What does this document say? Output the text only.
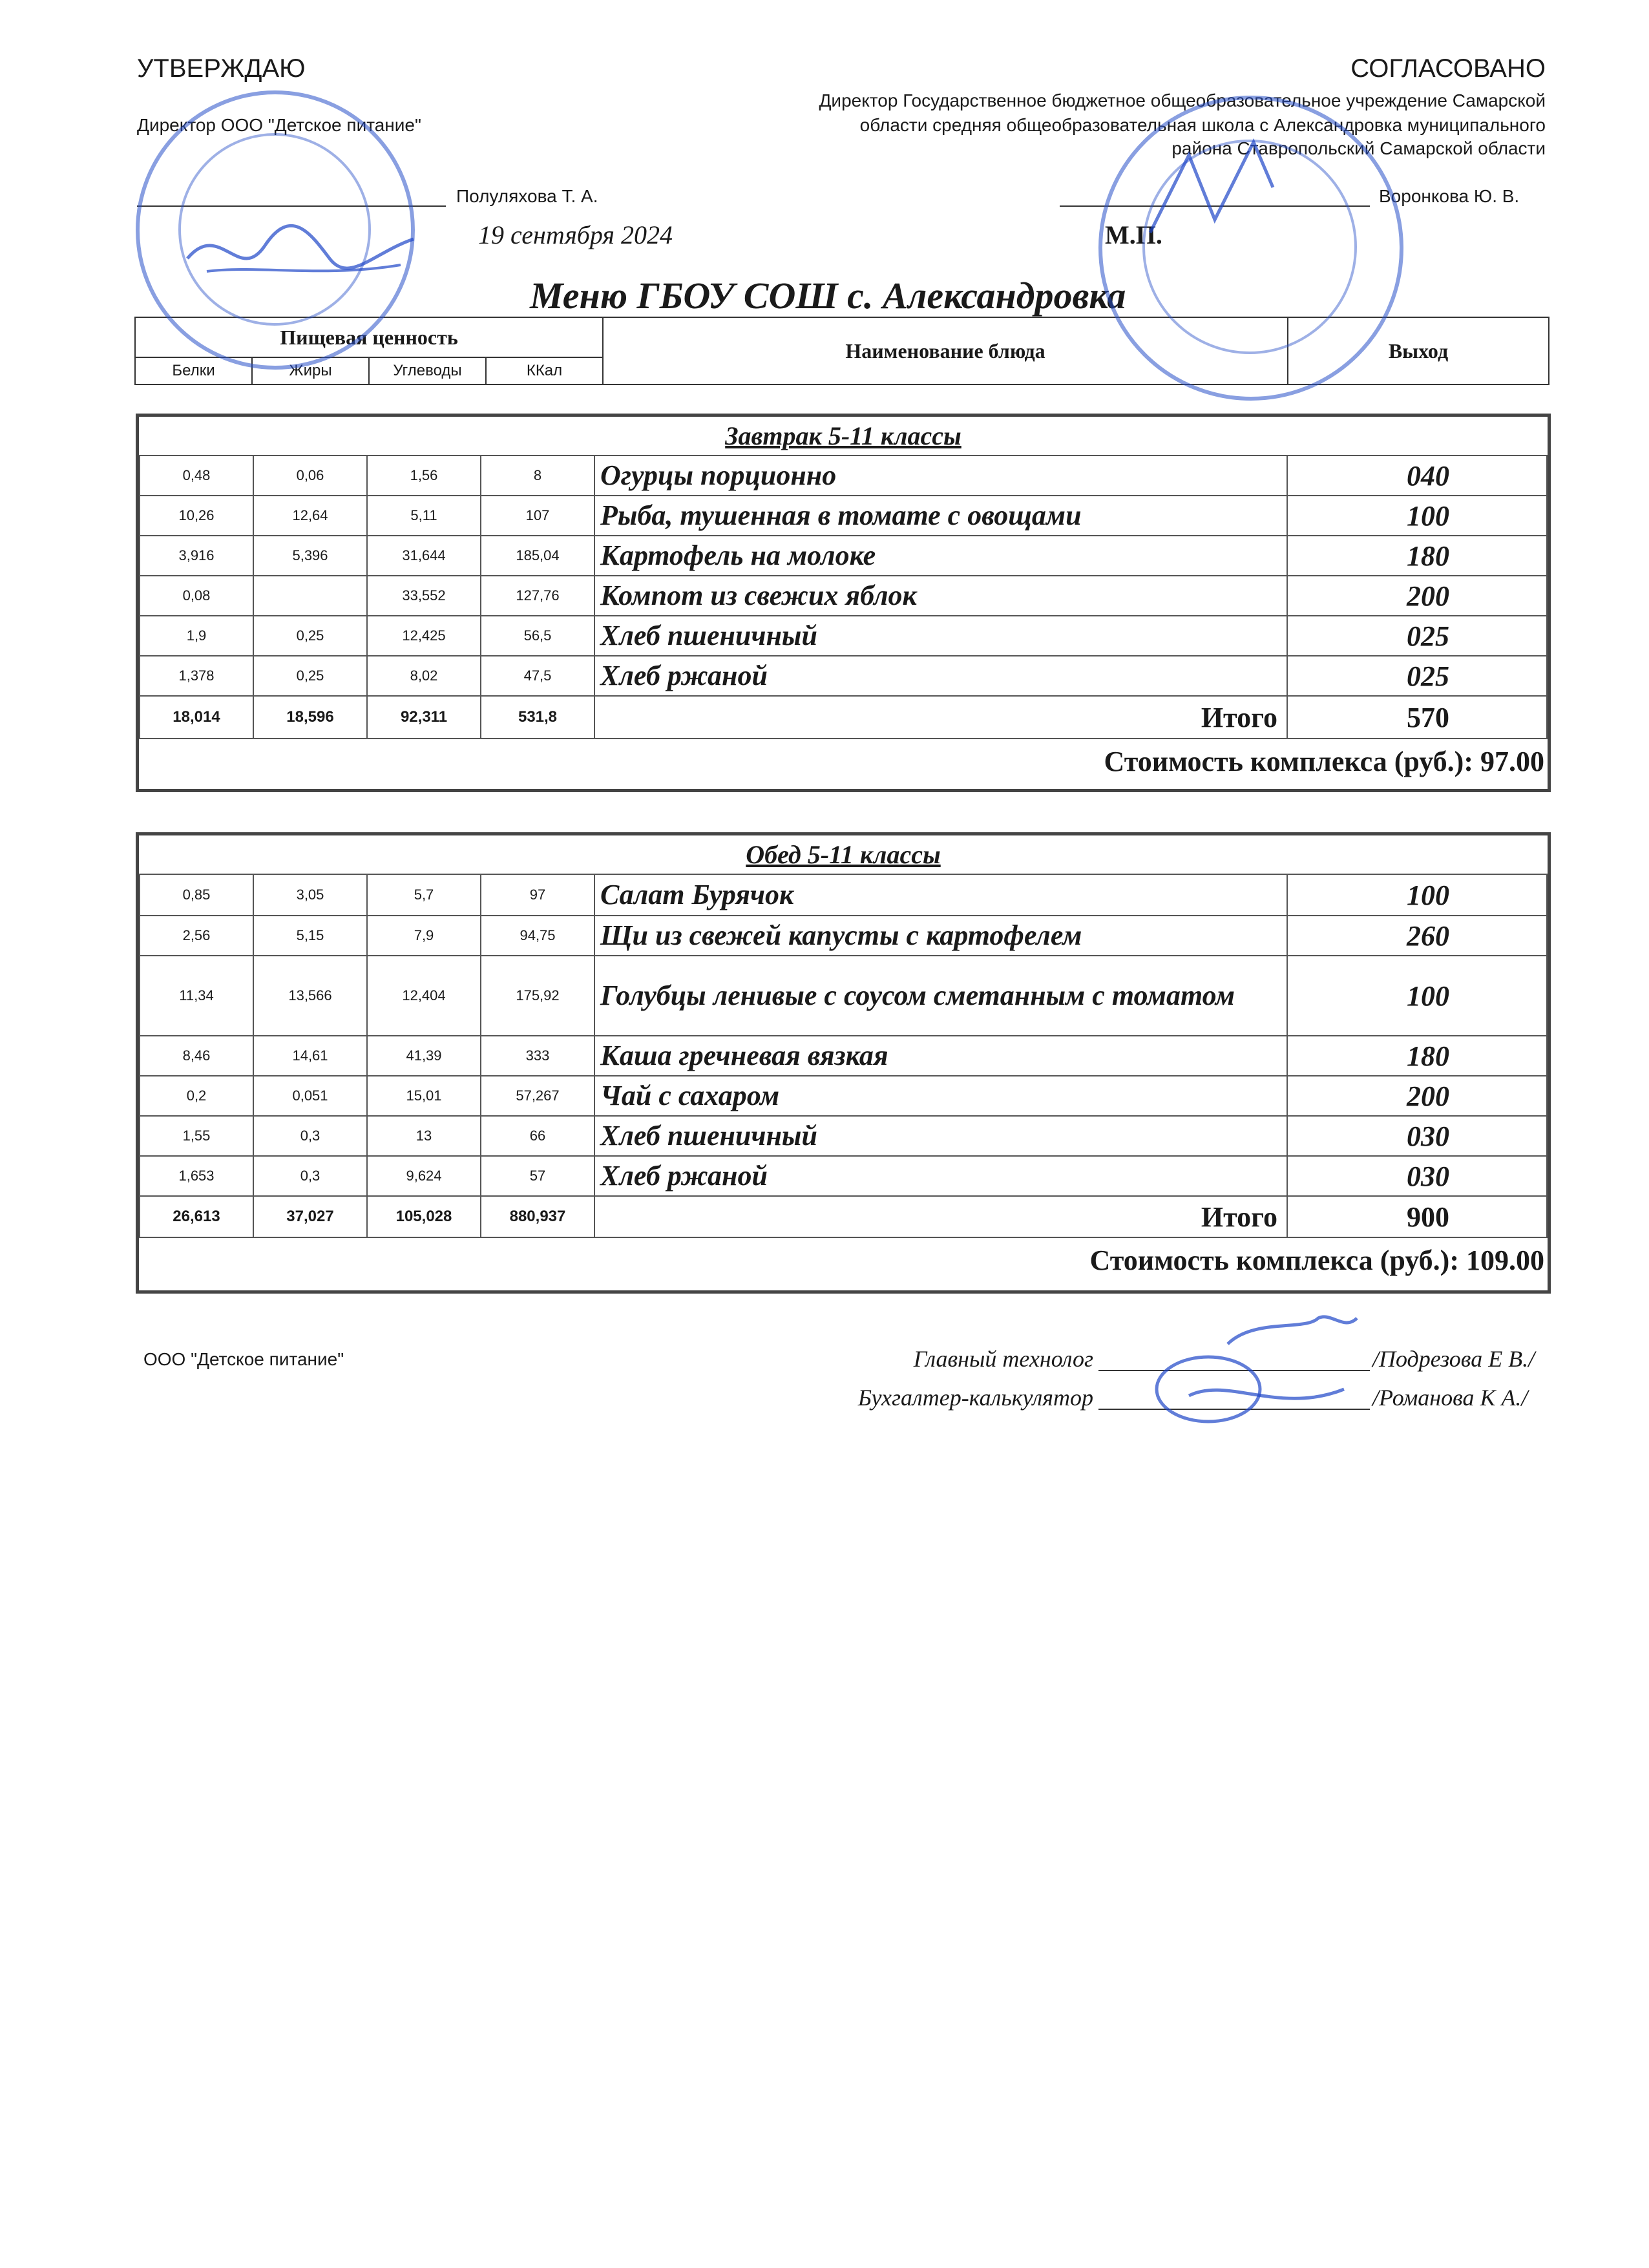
УТВЕРЖДАЮ
Директор ООО "Детское питание"
Полуляхова Т. А.
19 сентября 2024
СОГЛАСОВАНО
Директор Государственное бюджетное общеобразовательное учреждение Самарской
области средняя общеобразовательная школа с Александровка муниципального
района Ставропольский Самарской области
Воронкова Ю. В.
М.П.
Меню ГБОУ СОШ с. Александровка
Пищевая ценность				Наименование блюда	Выход
Белки	Жиры	Углеводы	ККал		
Завтрак 5-11 классы					
0,48	0,06	1,56	8	Огурцы порционно	040
10,26	12,64	5,11	107	Рыба, тушенная в томате с овощами	100
3,916	5,396	31,644	185,04	Картофель на молоке	180
0,08		33,552	127,76	Компот из свежих яблок	200
1,9	0,25	12,425	56,5	Хлеб пшеничный	025
1,378	0,25	8,02	47,5	Хлеб ржаной	025
18,014	18,596	92,311	531,8	Итого	570
Стоимость комплекса (руб.): 97.00					
Обед 5-11 классы					
0,85	3,05	5,7	97	Салат Бурячок	100
2,56	5,15	7,9	94,75	Щи из свежей капусты с картофелем	260
11,34	13,566	12,404	175,92	Голубцы ленивые с соусом сметанным с томатом	100
8,46	14,61	41,39	333	Каша гречневая вязкая	180
0,2	0,051	15,01	57,267	Чай с сахаром	200
1,55	0,3	13	66	Хлеб пшеничный	030
1,653	0,3	9,624	57	Хлеб ржаной	030
26,613	37,027	105,028	880,937	Итого	900
Стоимость комплекса (руб.): 109.00					
ООО "Детское питание"	Главный технолог	/Подрезова Е В./
Бухгалтер-калькулятор	/Романова К А./
